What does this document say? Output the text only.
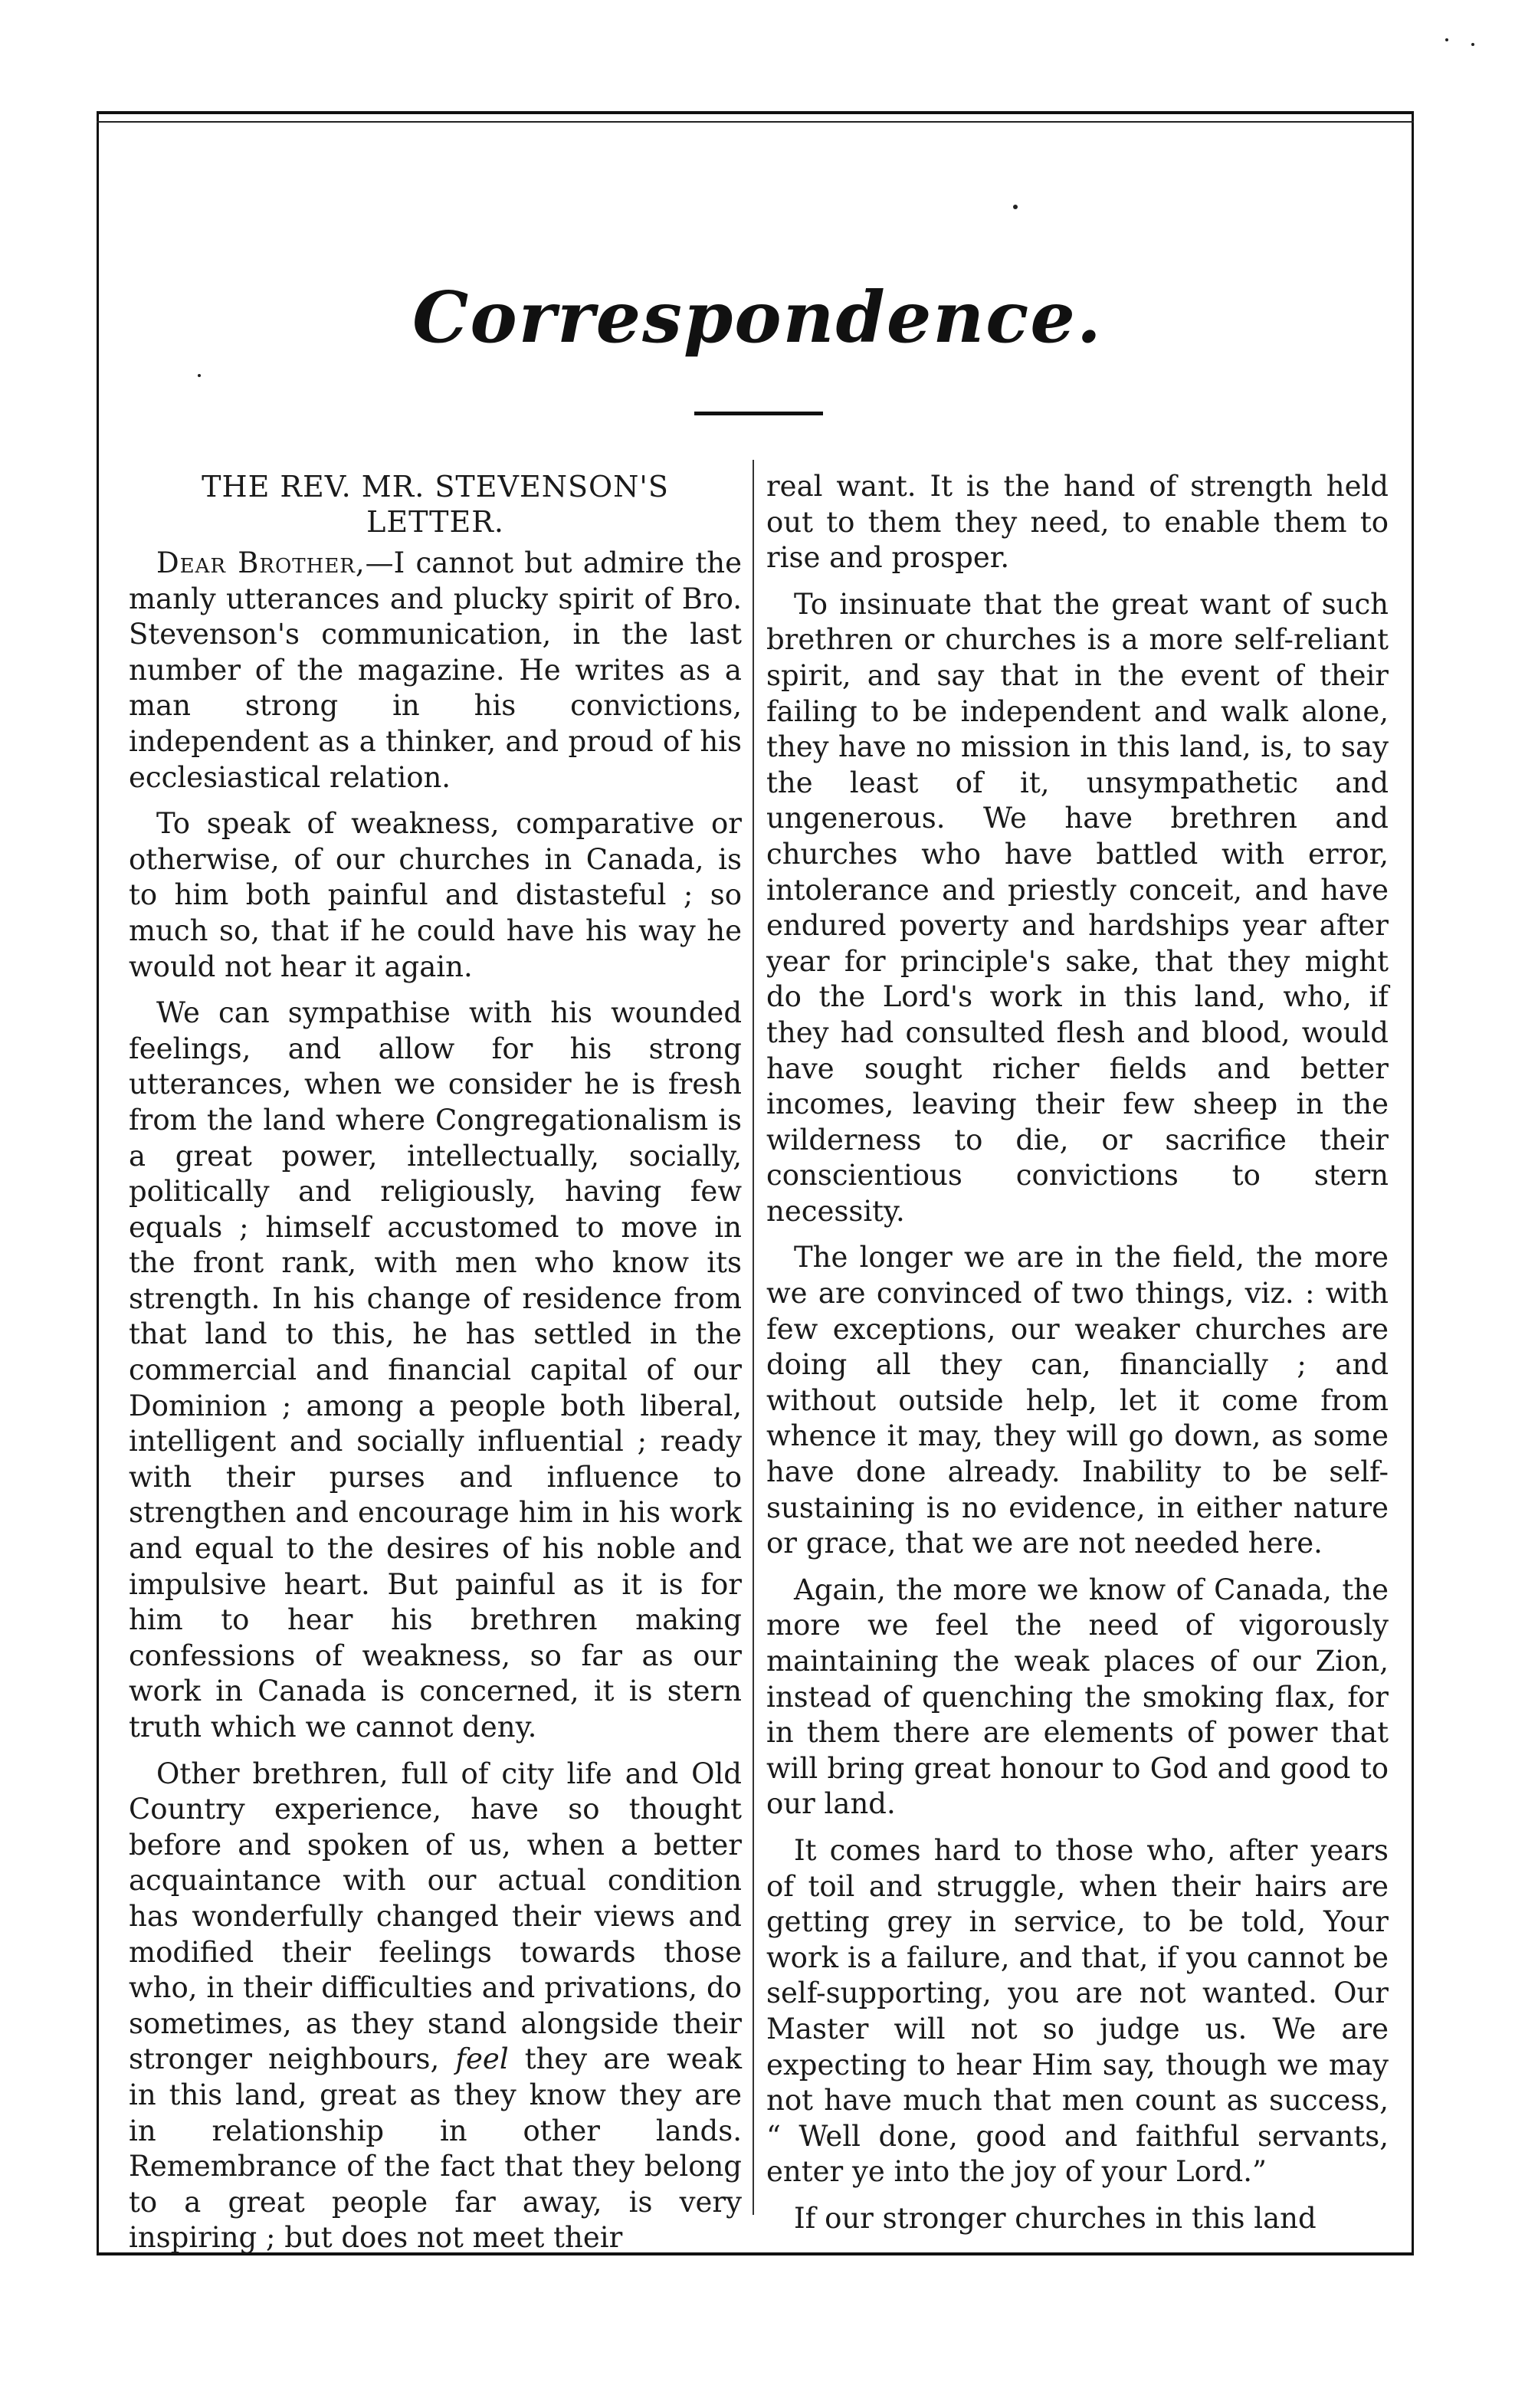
Correspondence.
THE REV. MR. STEVENSON'S
LETTER.

Dear Brother,—I cannot but admire the manly utterances and plucky spirit of Bro. Stevenson's communication, in the last number of the magazine. He writes as a man strong in his convictions, independent as a thinker, and proud of his ecclesiastical relation.

To speak of weakness, comparative or otherwise, of our churches in Canada, is to him both painful and distasteful ; so much so, that if he could have his way he would not hear it again.

We can sympathise with his wounded feelings, and allow for his strong utterances, when we consider he is fresh from the land where Congregationalism is a great power, intellectually, socially, politically and religiously, having few equals ; himself accustomed to move in the front rank, with men who know its strength. In his change of residence from that land to this, he has settled in the commercial and financial capital of our Dominion ; among a people both liberal, intelligent and socially influential ; ready with their purses and influence to strengthen and encourage him in his work and equal to the desires of his noble and impulsive heart. But painful as it is for him to hear his brethren making confessions of weakness, so far as our work in Canada is concerned, it is stern truth which we cannot deny.

Other brethren, full of city life and Old Country experience, have so thought before and spoken of us, when a better acquaintance with our actual condition has wonderfully changed their views and modified their feelings towards those who, in their difficulties and privations, do sometimes, as they stand alongside their stronger neighbours, feel they are weak in this land, great as they know they are in relationship in other lands. Remembrance of the fact that they belong to a great people far away, is very inspiring ; but does not meet their

real want. It is the hand of strength held out to them they need, to enable them to rise and prosper.

To insinuate that the great want of such brethren or churches is a more self-reliant spirit, and say that in the event of their failing to be independent and walk alone, they have no mission in this land, is, to say the least of it, unsympathetic and ungenerous. We have brethren and churches who have battled with error, intolerance and priestly conceit, and have endured poverty and hardships year after year for principle's sake, that they might do the Lord's work in this land, who, if they had consulted flesh and blood, would have sought richer fields and better incomes, leaving their few sheep in the wilderness to die, or sacrifice their conscientious convictions to stern necessity.

The longer we are in the field, the more we are convinced of two things, viz. : with few exceptions, our weaker churches are doing all they can, financially ; and without outside help, let it come from whence it may, they will go down, as some have done already. Inability to be self-sustaining is no evidence, in either nature or grace, that we are not needed here.

Again, the more we know of Canada, the more we feel the need of vigorously maintaining the weak places of our Zion, instead of quenching the smoking flax, for in them there are elements of power that will bring great honour to God and good to our land.

It comes hard to those who, after years of toil and struggle, when their hairs are getting grey in service, to be told, Your work is a failure, and that, if you cannot be self-supporting, you are not wanted. Our Master will not so judge us. We are expecting to hear Him say, though we may not have much that men count as success, “ Well done, good and faithful servants, enter ye into the joy of your Lord.”

If our stronger churches in this land
